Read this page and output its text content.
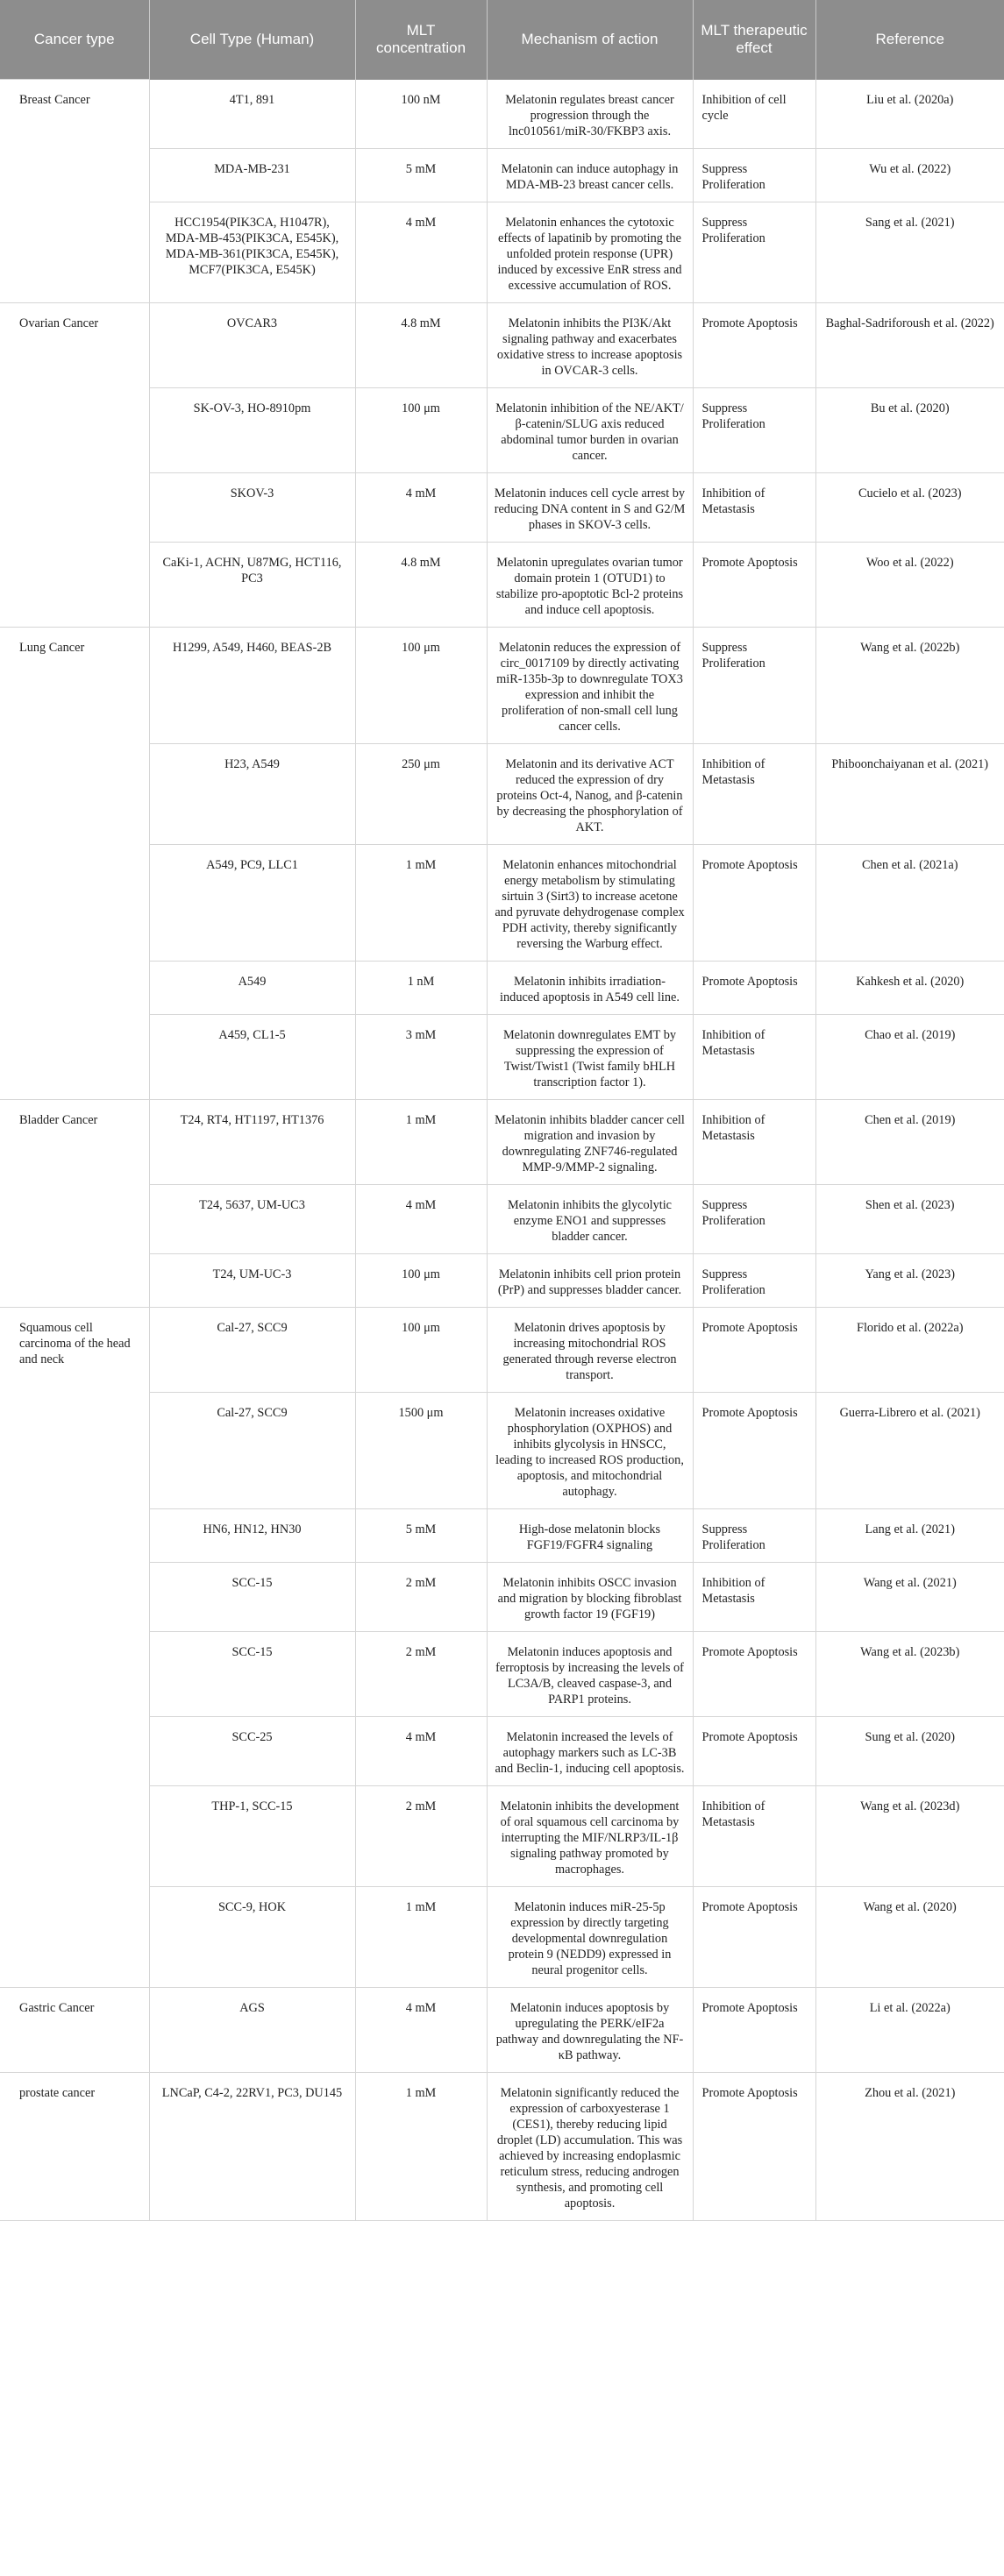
Cancer type	Cell Type (Human)	MLT concentration	Mechanism of action	MLT therapeutic effect	Reference
Breast Cancer	4T1, 891	100 nM	Melatonin regulates breast cancer progression through the lnc010561/miR-30/FKBP3 axis.	Inhibition of cell cycle	Liu et al. (2020a)
	MDA-MB-231	5 mM	Melatonin can induce autophagy in MDA-MB-23 breast cancer cells.	Suppress Proliferation	Wu et al. (2022)
	HCC1954(PIK3CA, H1047R), MDA-MB-453(PIK3CA, E545K), MDA-MB-361(PIK3CA, E545K), MCF7(PIK3CA, E545K)	4 mM	Melatonin enhances the cytotoxic effects of lapatinib by promoting the unfolded protein response (UPR) induced by excessive EnR stress and excessive accumulation of ROS.	Suppress Proliferation	Sang et al. (2021)
Ovarian Cancer	OVCAR3	4.8 mM	Melatonin inhibits the PI3K/Akt signaling pathway and exacerbates oxidative stress to increase apoptosis in OVCAR-3 cells.	Promote Apoptosis	Baghal-Sadriforoush et al. (2022)
	SK-OV-3, HO-8910pm	100 μm	Melatonin inhibition of the NE/AKT/β-catenin/SLUG axis reduced abdominal tumor burden in ovarian cancer.	Suppress Proliferation	Bu et al. (2020)
	SKOV-3	4 mM	Melatonin induces cell cycle arrest by reducing DNA content in S and G2/M phases in SKOV-3 cells.	Inhibition of Metastasis	Cucielo et al. (2023)
	CaKi-1, ACHN, U87MG, HCT116, PC3	4.8 mM	Melatonin upregulates ovarian tumor domain protein 1 (OTUD1) to stabilize pro-apoptotic Bcl-2 proteins and induce cell apoptosis.	Promote Apoptosis	Woo et al. (2022)
Lung Cancer	H1299, A549, H460, BEAS-2B	100 μm	Melatonin reduces the expression of circ_0017109 by directly activating miR-135b-3p to downregulate TOX3 expression and inhibit the proliferation of non-small cell lung cancer cells.	Suppress Proliferation	Wang et al. (2022b)
	H23, A549	250 μm	Melatonin and its derivative ACT reduced the expression of dry proteins Oct-4, Nanog, and β-catenin by decreasing the phosphorylation of AKT.	Inhibition of Metastasis	Phiboonchaiyanan et al. (2021)
	A549, PC9, LLC1	1 mM	Melatonin enhances mitochondrial energy metabolism by stimulating sirtuin 3 (Sirt3) to increase acetone and pyruvate dehydrogenase complex PDH activity, thereby significantly reversing the Warburg effect.	Promote Apoptosis	Chen et al. (2021a)
	A549	1 nM	Melatonin inhibits irradiation-induced apoptosis in A549 cell line.	Promote Apoptosis	Kahkesh et al. (2020)
	A459, CL1-5	3 mM	Melatonin downregulates EMT by suppressing the expression of Twist/Twist1 (Twist family bHLH transcription factor 1).	Inhibition of Metastasis	Chao et al. (2019)
Bladder Cancer	T24, RT4, HT1197, HT1376	1 mM	Melatonin inhibits bladder cancer cell migration and invasion by downregulating ZNF746-regulated MMP-9/MMP-2 signaling.	Inhibition of Metastasis	Chen et al. (2019)
	T24, 5637, UM-UC3	4 mM	Melatonin inhibits the glycolytic enzyme ENO1 and suppresses bladder cancer.	Suppress Proliferation	Shen et al. (2023)
	T24, UM-UC-3	100 μm	Melatonin inhibits cell prion protein (PrP) and suppresses bladder cancer.	Suppress Proliferation	Yang et al. (2023)
Squamous cell carcinoma of the head and neck	Cal-27, SCC9	100 μm	Melatonin drives apoptosis by increasing mitochondrial ROS generated through reverse electron transport.	Promote Apoptosis	Florido et al. (2022a)
	Cal-27, SCC9	1500 μm	Melatonin increases oxidative phosphorylation (OXPHOS) and inhibits glycolysis in HNSCC, leading to increased ROS production, apoptosis, and mitochondrial autophagy.	Promote Apoptosis	Guerra-Librero et al. (2021)
	HN6, HN12, HN30	5 mM	High-dose melatonin blocks FGF19/FGFR4 signaling	Suppress Proliferation	Lang et al. (2021)
	SCC-15	2 mM	Melatonin inhibits OSCC invasion and migration by blocking fibroblast growth factor 19 (FGF19)	Inhibition of Metastasis	Wang et al. (2021)
	SCC-15	2 mM	Melatonin induces apoptosis and ferroptosis by increasing the levels of LC3A/B, cleaved caspase-3, and PARP1 proteins.	Promote Apoptosis	Wang et al. (2023b)
	SCC-25	4 mM	Melatonin increased the levels of autophagy markers such as LC-3B and Beclin-1, inducing cell apoptosis.	Promote Apoptosis	Sung et al. (2020)
	THP-1, SCC-15	2 mM	Melatonin inhibits the development of oral squamous cell carcinoma by interrupting the MIF/NLRP3/IL-1β signaling pathway promoted by macrophages.	Inhibition of Metastasis	Wang et al. (2023d)
	SCC-9, HOK	1 mM	Melatonin induces miR-25-5p expression by directly targeting developmental downregulation protein 9 (NEDD9) expressed in neural progenitor cells.	Promote Apoptosis	Wang et al. (2020)
Gastric Cancer	AGS	4 mM	Melatonin induces apoptosis by upregulating the PERK/eIF2a pathway and downregulating the NF-κB pathway.	Promote Apoptosis	Li et al. (2022a)
prostate cancer	LNCaP, C4-2, 22RV1, PC3, DU145	1 mM	Melatonin significantly reduced the expression of carboxyesterase 1 (CES1), thereby reducing lipid droplet (LD) accumulation. This was achieved by increasing endoplasmic reticulum stress, reducing androgen synthesis, and promoting cell apoptosis.	Promote Apoptosis	Zhou et al. (2021)
